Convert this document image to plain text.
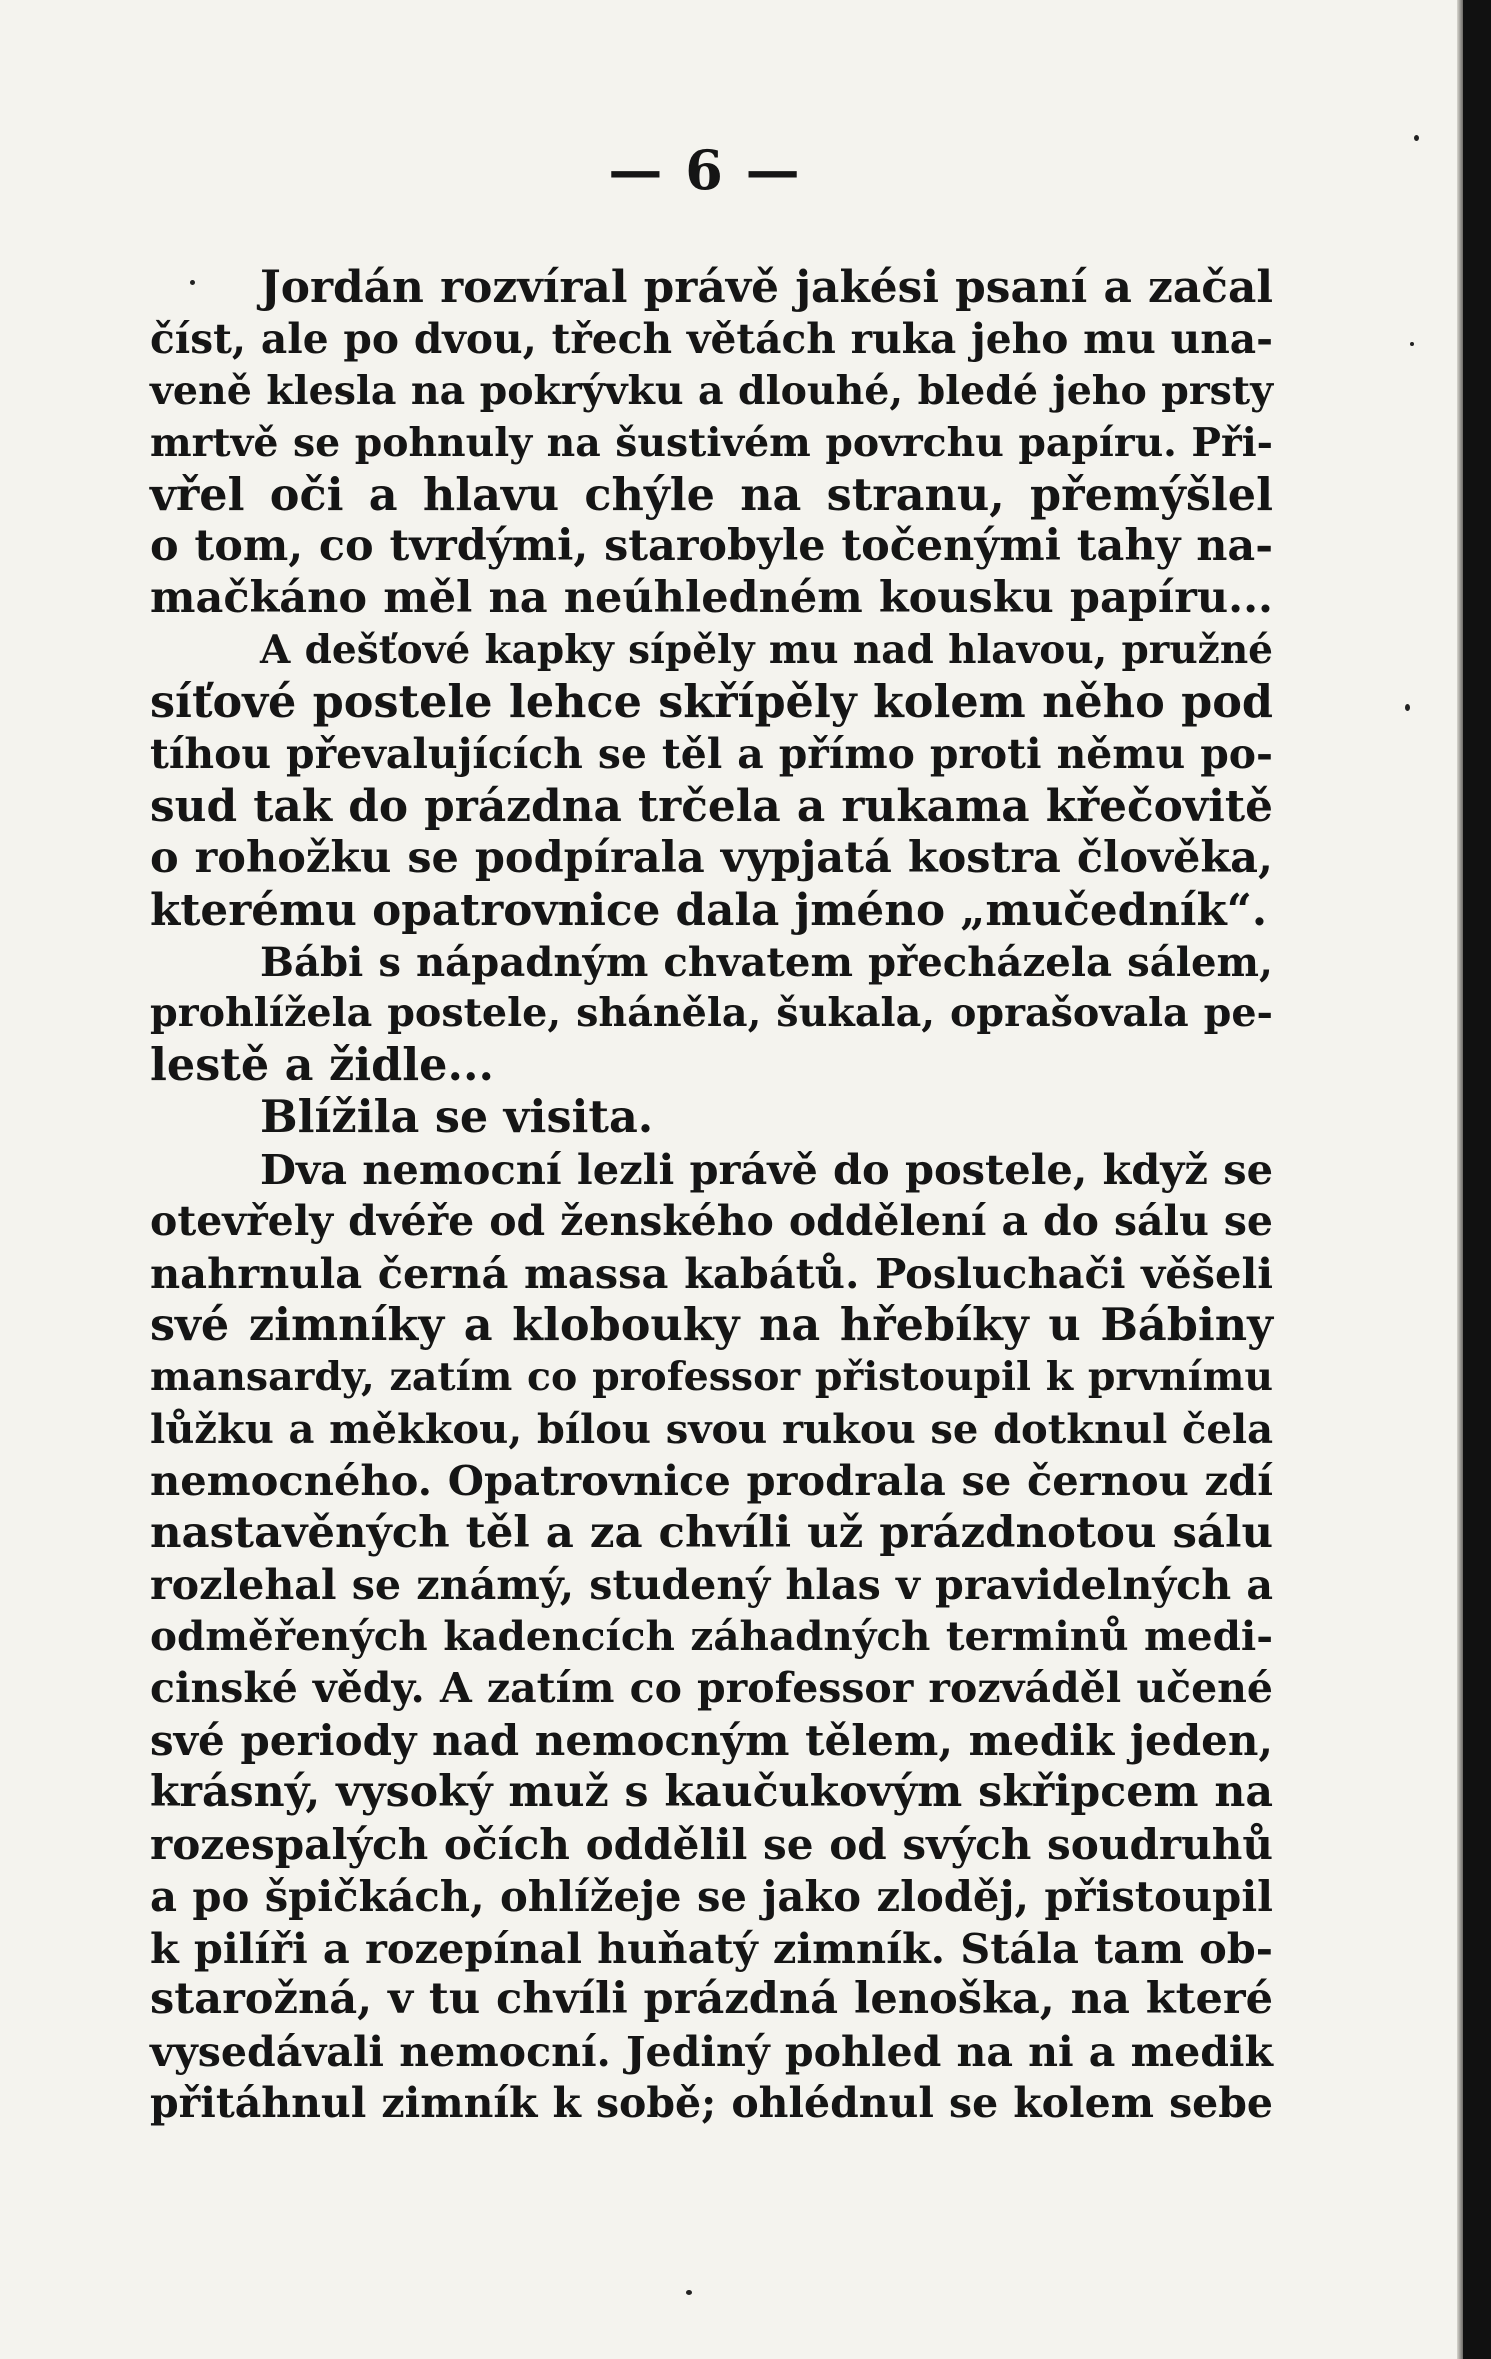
— 6 —
Jordán rozvíral právě jakési psaní a začal
číst, ale po dvou, třech větách ruka jeho mu una-
veně klesla na pokrývku a dlouhé, bledé jeho prsty
mrtvě se pohnuly na šustivém povrchu papíru. Při-
vřel oči a hlavu chýle na stranu, přemýšlel
o tom, co tvrdými, starobyle točenými tahy na-
mačkáno měl na neúhledném kousku papíru...
A dešťové kapky sípěly mu nad hlavou, pružné
síťové postele lehce skřípěly kolem něho pod
tíhou převalujících se těl a přímo proti němu po-
sud tak do prázdna trčela a rukama křečovitě
o rohožku se podpírala vypjatá kostra člověka,
kterému opatrovnice dala jméno „mučedník“.
Bábi s nápadným chvatem přecházela sálem,
prohlížela postele, sháněla, šukala, oprašovala pe-
lestě a židle...
Blížila se visita.
Dva nemocní lezli právě do postele, když se
otevřely dvéře od ženského oddělení a do sálu se
nahrnula černá massa kabátů. Posluchači věšeli
své zimníky a klobouky na hřebíky u Bábiny
mansardy, zatím co professor přistoupil k prvnímu
lůžku a měkkou, bílou svou rukou se dotknul čela
nemocného. Opatrovnice prodrala se černou zdí
nastavěných těl a za chvíli už prázdnotou sálu
rozlehal se známý, studený hlas v pravidelných a
odměřených kadencích záhadných terminů medi-
cinské vědy. A zatím co professor rozváděl učené
své periody nad nemocným tělem, medik jeden,
krásný, vysoký muž s kaučukovým skřipcem na
rozespalých očích oddělil se od svých soudruhů
a po špičkách, ohlížeje se jako zloděj, přistoupil
k pilíři a rozepínal huňatý zimník. Stála tam ob-
starožná, v tu chvíli prázdná lenoška, na které
vysedávali nemocní. Jediný pohled na ni a medik
přitáhnul zimník k sobě; ohlédnul se kolem sebe
